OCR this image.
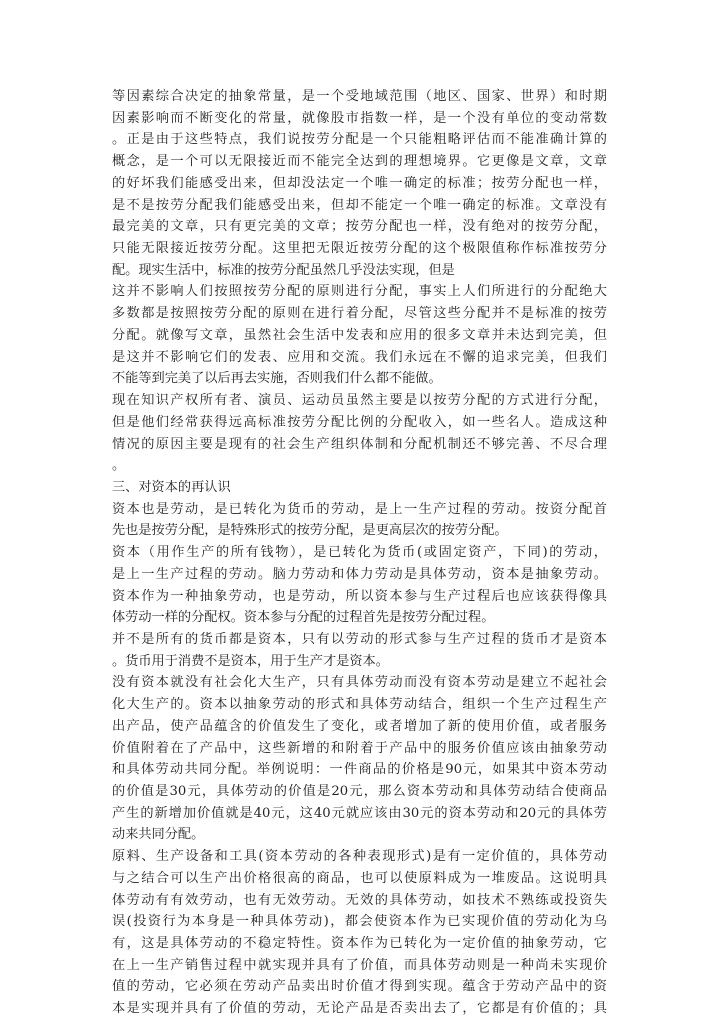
等因素综合决定的抽象常量，是一个受地域范围（地区、国家、世界）和时期
因素影响而不断变化的常量，就像股市指数一样，是一个没有单位的变动常数
。正是由于这些特点，我们说按劳分配是一个只能粗略评估而不能准确计算的
概念，是一个可以无限接近而不能完全达到的理想境界。它更像是文章，文章
的好坏我们能感受出来，但却没法定一个唯一确定的标准；按劳分配也一样，
是不是按劳分配我们能感受出来，但却不能定一个唯一确定的标准。文章没有
最完美的文章，只有更完美的文章；按劳分配也一样，没有绝对的按劳分配，
只能无限接近按劳分配。这里把无限近按劳分配的这个极限值称作标准按劳分
配。现实生活中，标准的按劳分配虽然几乎没法实现，但是
这并不影响人们按照按劳分配的原则进行分配，事实上人们所进行的分配绝大
多数都是按照按劳分配的原则在进行着分配，尽管这些分配并不是标准的按劳
分配。就像写文章，虽然社会生活中发表和应用的很多文章并未达到完美，但
是这并不影响它们的发表、应用和交流。我们永远在不懈的追求完美，但我们
不能等到完美了以后再去实施，否则我们什么都不能做。
现在知识产权所有者、演员、运动员虽然主要是以按劳分配的方式进行分配，
但是他们经常获得远高标准按劳分配比例的分配收入，如一些名人。造成这种
情况的原因主要是现有的社会生产组织体制和分配机制还不够完善、不尽合理
。
三、对资本的再认识
资本也是劳动，是已转化为货币的劳动，是上一生产过程的劳动。按资分配首
先也是按劳分配，是特殊形式的按劳分配，是更高层次的按劳分配。
资本（用作生产的所有钱物），是已转化为货币(或固定资产，下同)的劳动，
是上一生产过程的劳动。脑力劳动和体力劳动是具体劳动，资本是抽象劳动。
资本作为一种抽象劳动，也是劳动，所以资本参与生产过程后也应该获得像具
体劳动一样的分配权。资本参与分配的过程首先是按劳分配过程。
并不是所有的货币都是资本，只有以劳动的形式参与生产过程的货币才是资本
。货币用于消费不是资本，用于生产才是资本。
没有资本就没有社会化大生产，只有具体劳动而没有资本劳动是建立不起社会
化大生产的。资本以抽象劳动的形式和具体劳动结合，组织一个生产过程生产
出产品，使产品蕴含的价值发生了变化，或者增加了新的使用价值，或者服务
价值附着在了产品中，这些新增的和附着于产品中的服务价值应该由抽象劳动
和具体劳动共同分配。举例说明：一件商品的价格是90元，如果其中资本劳动
的价值是30元，具体劳动的价值是20元，那么资本劳动和具体劳动结合使商品
产生的新增加价值就是40元，这40元就应该由30元的资本劳动和20元的具体劳
动来共同分配。
原料、生产设备和工具(资本劳动的各种表现形式)是有一定价值的，具体劳动
与之结合可以生产出价格很高的商品，也可以使原料成为一堆废品。这说明具
体劳动有有效劳动，也有无效劳动。无效的具体劳动，如技术不熟练或投资失
误(投资行为本身是一种具体劳动)，都会使资本作为已实现价值的劳动化为乌
有，这是具体劳动的不稳定特性。资本作为已转化为一定价值的抽象劳动，它
在上一生产销售过程中就实现并具有了价值，而具体劳动则是一种尚未实现价
值的劳动，它必须在劳动产品卖出时价值才得到实现。蕴含于劳动产品中的资
本是实现并具有了价值的劳动，无论产品是否卖出去了，它都是有价值的；具
